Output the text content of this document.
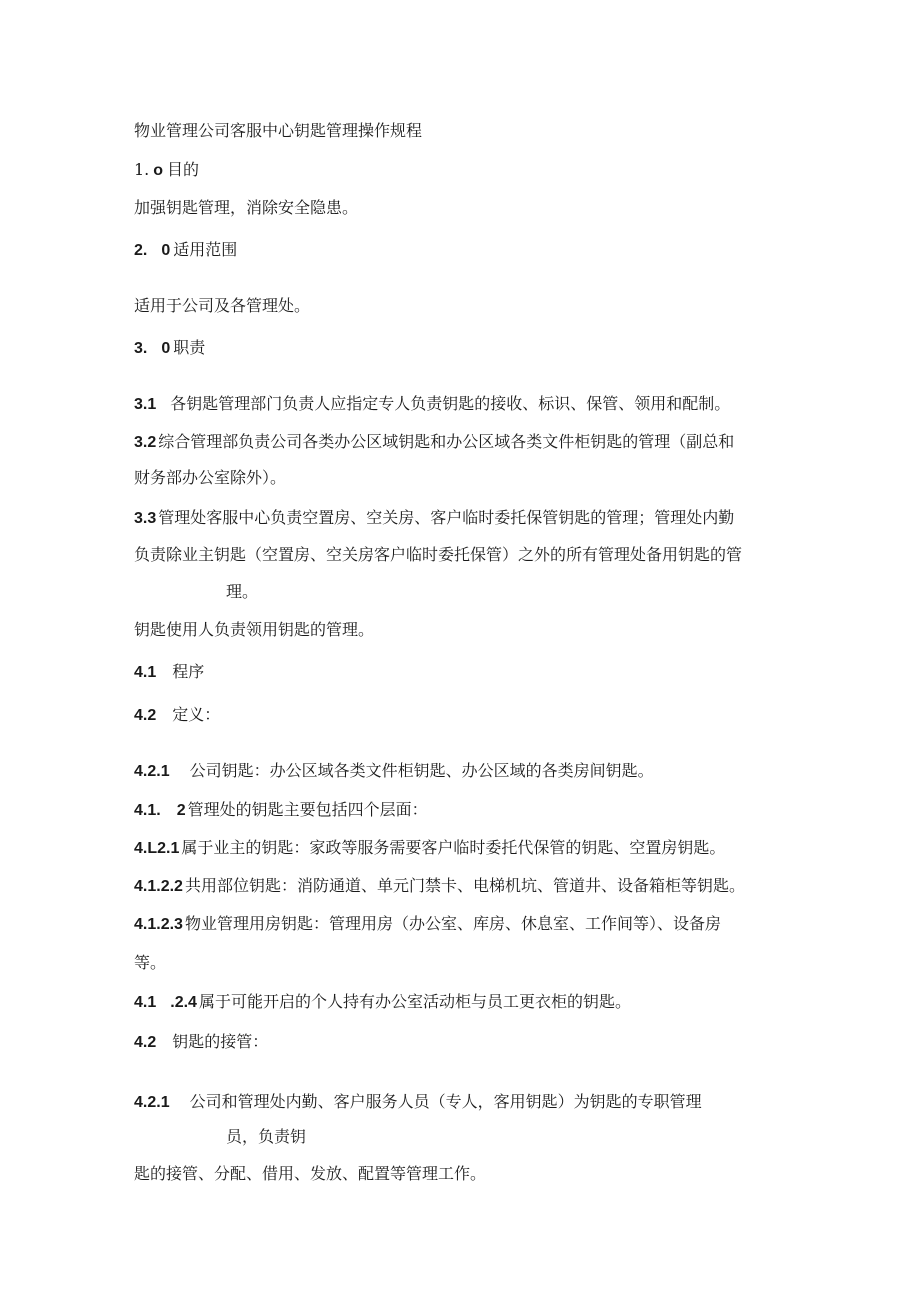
物业管理公司客服中心钥匙管理操作规程
1. o 目的
加强钥匙管理，消除安全隐患。
2. 0 适用范围
适用于公司及各管理处。
3. 0 职责
3.1 各钥匙管理部门负责人应指定专人负责钥匙的接收、标识、保管、领用和配制。
3.2 综合管理部负责公司各类办公区域钥匙和办公区域各类文件柜钥匙的管理（副总和
财务部办公室除外）。
3.3 管理处客服中心负责空置房、空关房、客户临时委托保管钥匙的管理；管理处内勤
负责除业主钥匙（空置房、空关房客户临时委托保管）之外的所有管理处备用钥匙的管
理。
钥匙使用人负责领用钥匙的管理。
4.1 程序
4.2 定义：
4.2.1 公司钥匙：办公区域各类文件柜钥匙、办公区域的各类房间钥匙。
4.1. 2 管理处的钥匙主要包括四个层面：
4.L2.1 属于业主的钥匙：家政等服务需要客户临时委托代保管的钥匙、空置房钥匙。
4.1.2.2 共用部位钥匙：消防通道、单元门禁卡、电梯机坑、管道井、设备箱柜等钥匙。
4.1.2.3 物业管理用房钥匙：管理用房（办公室、库房、休息室、工作间等）、设备房
等。
4.1 .2.4 属于可能开启的个人持有办公室活动柜与员工更衣柜的钥匙。
4.2 钥匙的接管：
4.2.1 公司和管理处内勤、客户服务人员（专人，客用钥匙）为钥匙的专职管理
员，负责钥
匙的接管、分配、借用、发放、配置等管理工作。
